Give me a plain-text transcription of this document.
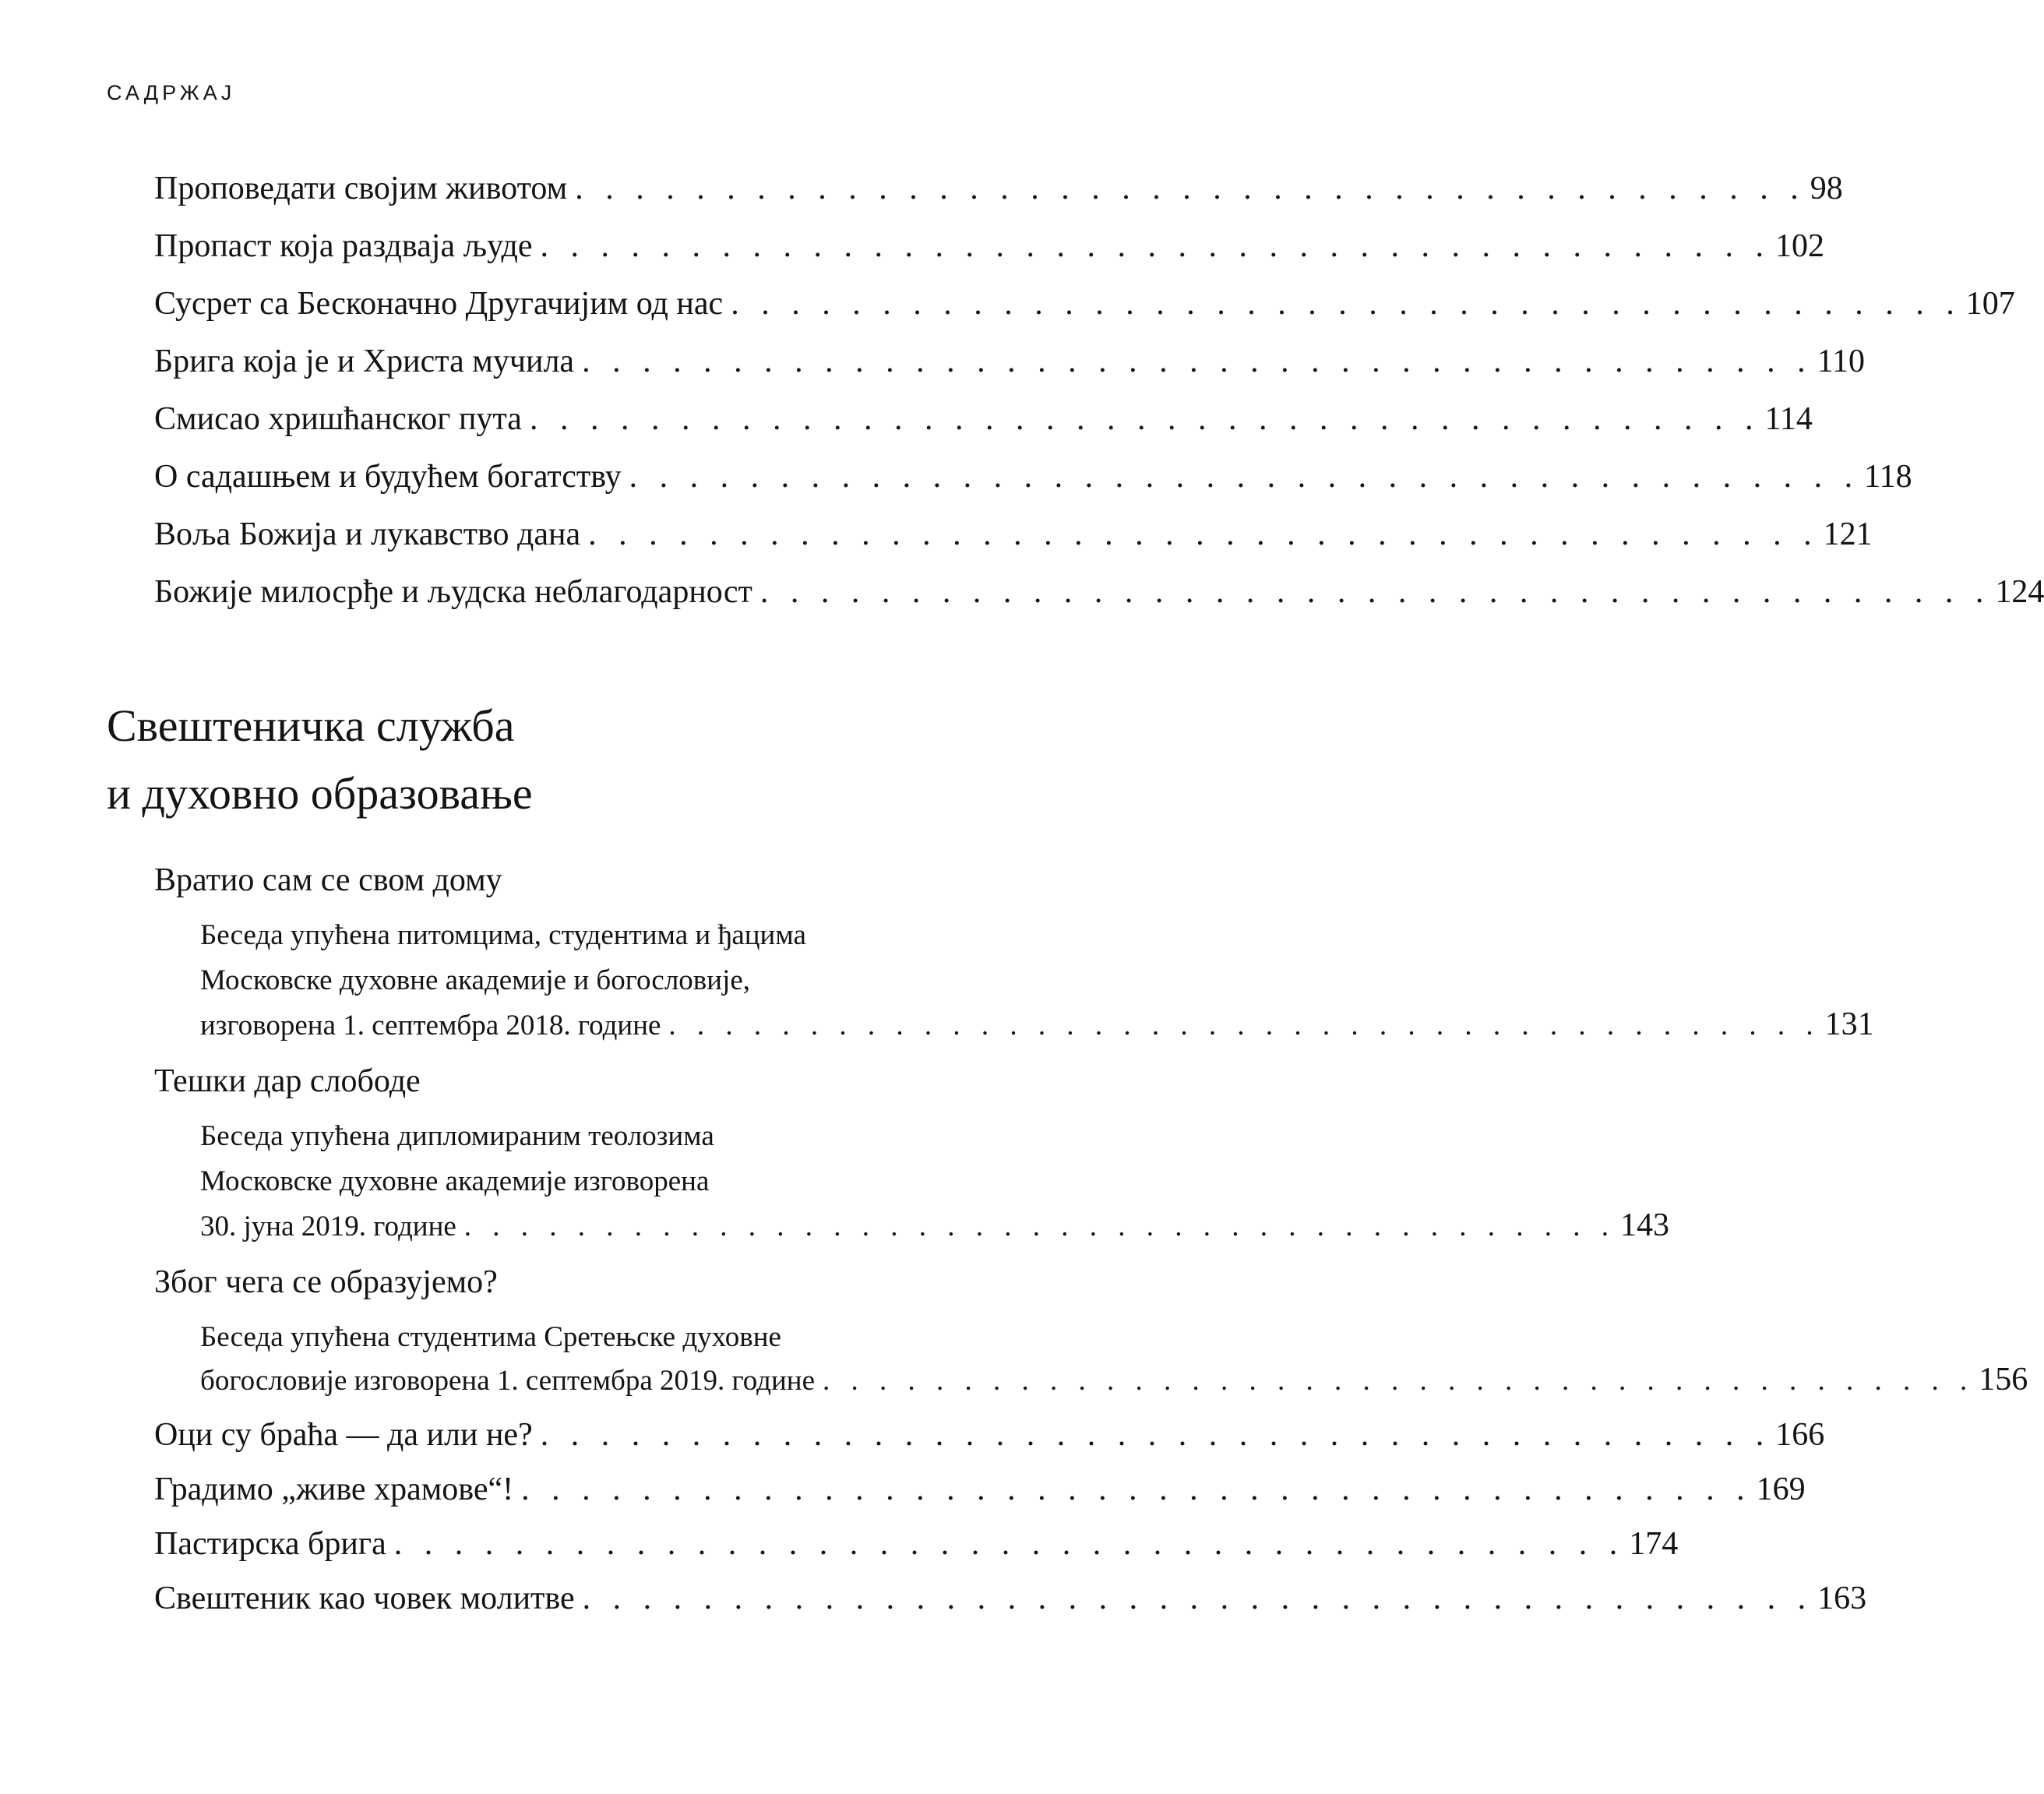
САДРЖАЈ
Проповедати својим животом . . . . . . . . . . . . . . . . . . . . . . . . . . . . . . . . . . . . . . . . . 98
Пропаст која раздваја људе . . . . . . . . . . . . . . . . . . . . . . . . . . . . . . . . . . . . . . . . . 102
Сусрет са Бесконачно Другачијим од нас . . . . . . . . . . . . . . . . . . . . . . . . . . . . . . . . . . . . . . . . . 107
Брига која је и Христа мучила . . . . . . . . . . . . . . . . . . . . . . . . . . . . . . . . . . . . . . . . . 110
Смисао хришћанског пута . . . . . . . . . . . . . . . . . . . . . . . . . . . . . . . . . . . . . . . . . 114
О садашњем и будућем богатству . . . . . . . . . . . . . . . . . . . . . . . . . . . . . . . . . . . . . . . . . 118
Воља Божија и лукавство дана . . . . . . . . . . . . . . . . . . . . . . . . . . . . . . . . . . . . . . . . . 121
Божије милосрђе и људска неблагодарност . . . . . . . . . . . . . . . . . . . . . . . . . . . . . . . . . . . . . . . . . 124
Свештеничка служба
и духовно образовање
Вратио сам се свом дому
Беседа упућена питомцима, студентима и ђацима
Московске духовне академије и богословије,
изговорена 1. септембра 2018. године . . . . . . . . . . . . . . . . . . . . . . . . . . . . . . . . . . . . . . . . . 131
Тешки дар слободе
Беседа упућена дипломираним теолозима
Московске духовне академије изговорена
30. јуна 2019. године . . . . . . . . . . . . . . . . . . . . . . . . . . . . . . . . . . . . . . . . . 143
Због чега се образујемо?
Беседа упућена студентима Сретењске духовне
богословије изговорена 1. септембра 2019. године . . . . . . . . . . . . . . . . . . . . . . . . . . . . . . . . . . . . . . . . . 156
Оци су браћа — да или не? . . . . . . . . . . . . . . . . . . . . . . . . . . . . . . . . . . . . . . . . . 166
Градимо „живе храмове“! . . . . . . . . . . . . . . . . . . . . . . . . . . . . . . . . . . . . . . . . . 169
Пастирска брига . . . . . . . . . . . . . . . . . . . . . . . . . . . . . . . . . . . . . . . . . 174
Свештеник као човек молитве . . . . . . . . . . . . . . . . . . . . . . . . . . . . . . . . . . . . . . . . . 163
